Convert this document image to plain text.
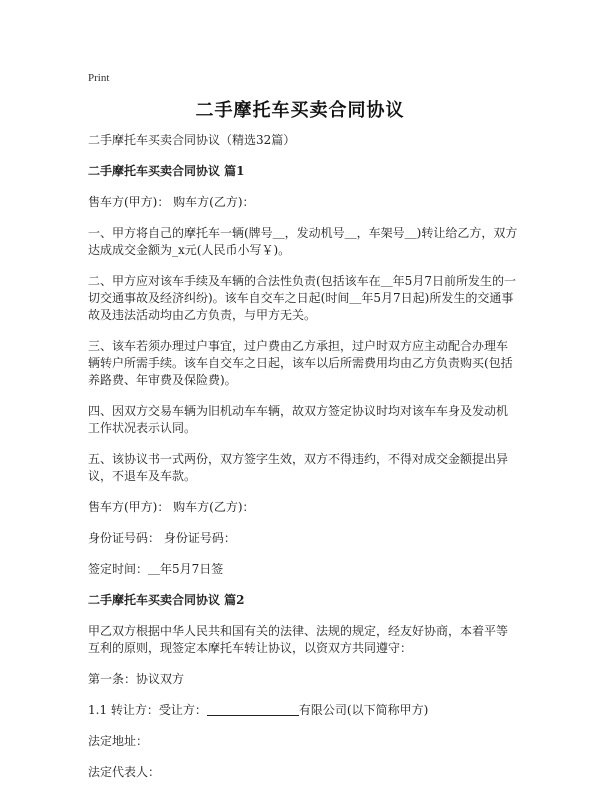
Print
二手摩托车买卖合同协议

二手摩托车买卖合同协议（精选32篇）

二手摩托车买卖合同协议 篇1

售车方(甲方)： 购车方(乙方)：

一、甲方将自己的摩托车一辆(牌号＿，发动机号＿，车架号＿)转让给乙方，双方达成成交金额为_x元(人民币小写￥)。

二、甲方应对该车手续及车辆的合法性负责(包括该车在＿年5月7日前所发生的一切交通事故及经济纠纷)。该车自交车之日起(时间＿年5月7日起)所发生的交通事故及违法活动均由乙方负责，与甲方无关。

三、该车若须办理过户事宜，过户费由乙方承担，过户时双方应主动配合办理车辆转户所需手续。该车自交车之日起，该车以后所需费用均由乙方负责购买(包括养路费、年审费及保险费)。

四、因双方交易车辆为旧机动车车辆，故双方签定协议时均对该车车身及发动机工作状况表示认同。

五、该协议书一式两份，双方签字生效，双方不得违约，不得对成交金额提出异议，不退车及车款。

售车方(甲方)： 购车方(乙方)：

身份证号码： 身份证号码：

签定时间：＿年5月7日签

二手摩托车买卖合同协议 篇2

甲乙双方根据中华人民共和国有关的法律、法规的规定，经友好协商，本着平等互利的原则，现签定本摩托车转让协议，以资双方共同遵守：

第一条：协议双方

1.1 转让方：受让方：	有限公司(以下简称甲方)

法定地址：

法定代表人：
